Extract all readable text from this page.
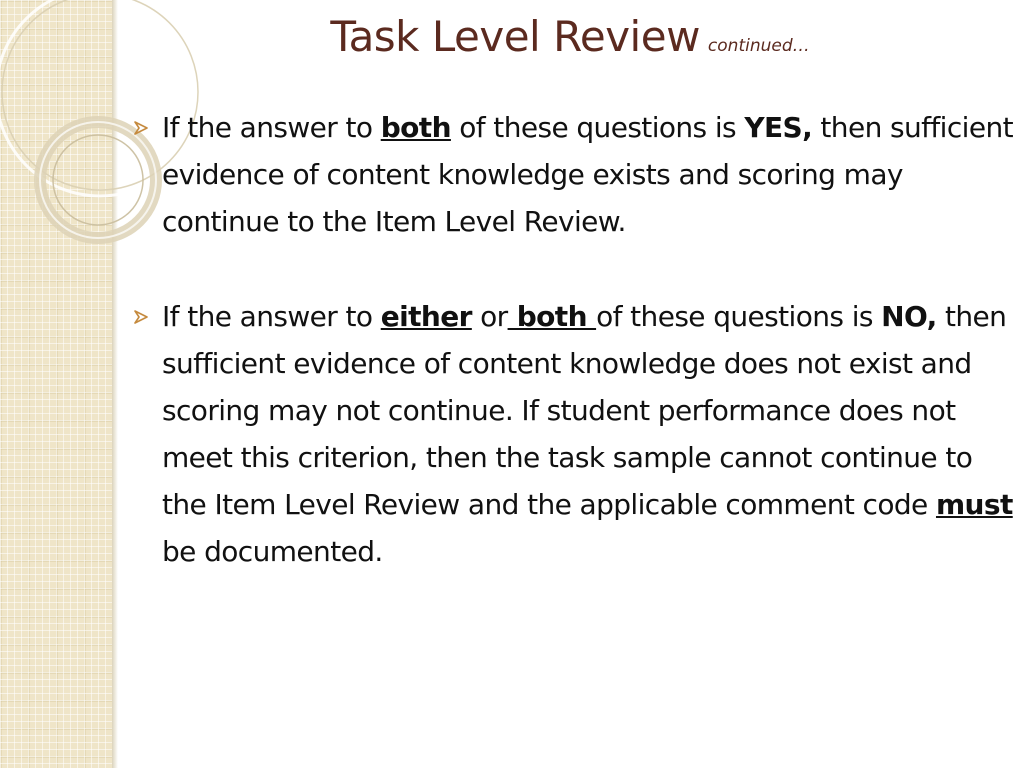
Task Level Review continued…
If the answer to both of these questions is YES, then sufficient evidence of content knowledge exists and scoring may continue to the Item Level Review.
If the answer to either or both of these questions is NO, then sufficient evidence of content knowledge does not exist and scoring may not continue. If student performance does not meet this criterion, then the task sample cannot continue to the Item Level Review and the applicable comment code must be documented.
